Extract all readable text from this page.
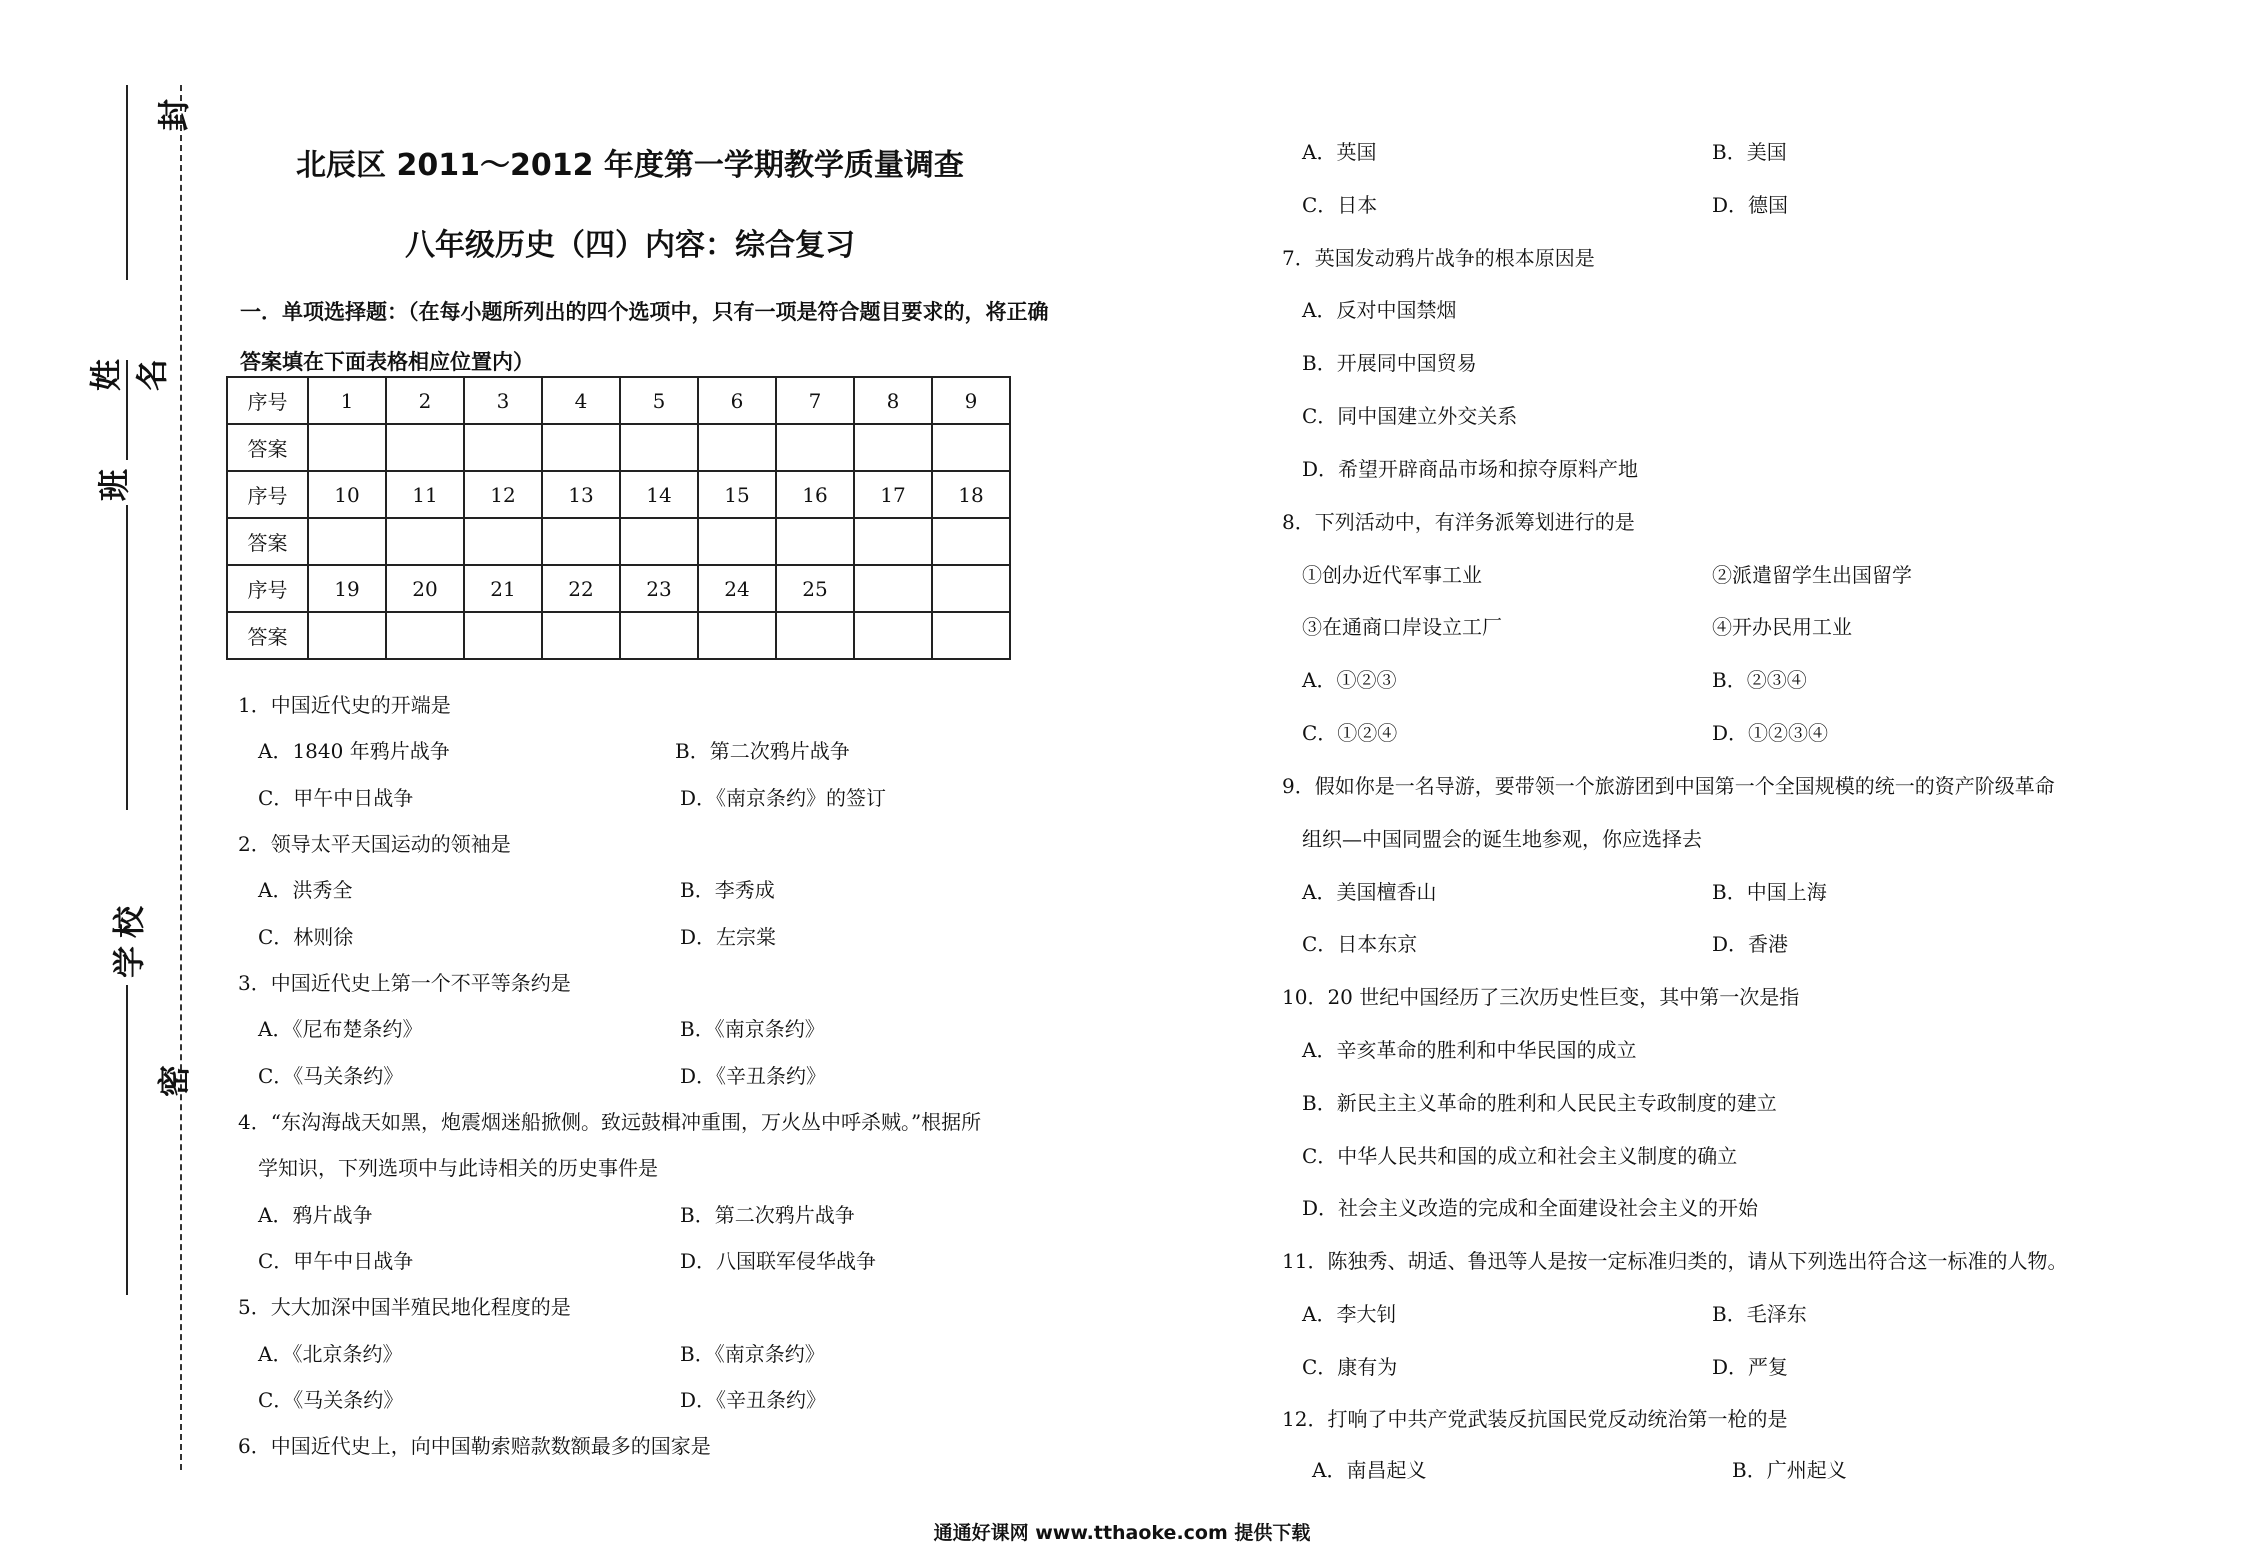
封
密
姓名
班
学校
北辰区 2011～2012 年度第一学期教学质量调查
八年级历史（四）内容：综合复习
一．单项选择题：（在每小题所列出的四个选项中，只有一项是符合题目要求的，将正确
答案填在下面表格相应位置内）
序号	1	2	3	4	5	6	7	8	9
答案									
序号	10	11	12	13	14	15	16	17	18
答案									
序号	19	20	21	22	23	24	25		
答案									
1．中国近代史的开端是
A．1840 年鸦片战争	B．第二次鸦片战争
C．甲午中日战争	D．《南京条约》的签订
2．领导太平天国运动的领袖是
A．洪秀全	B．李秀成
C．林则徐	D．左宗棠
3．中国近代史上第一个不平等条约是
A．《尼布楚条约》	B．《南京条约》
C．《马关条约》	D．《辛丑条约》
4．“东沟海战天如黑，炮震烟迷船掀侧。致远鼓楫冲重围，万火丛中呼杀贼。”根据所
学知识，下列选项中与此诗相关的历史事件是
A．鸦片战争	B．第二次鸦片战争
C．甲午中日战争	D．八国联军侵华战争
5．大大加深中国半殖民地化程度的是
A．《北京条约》	B．《南京条约》
C．《马关条约》	D．《辛丑条约》
6．中国近代史上，向中国勒索赔款数额最多的国家是
A．英国	B．美国
C．日本	D．德国
7．英国发动鸦片战争的根本原因是
A．反对中国禁烟
B．开展同中国贸易
C．同中国建立外交关系
D．希望开辟商品市场和掠夺原料产地
8．下列活动中，有洋务派筹划进行的是
①创办近代军事工业	②派遣留学生出国留学
③在通商口岸设立工厂	④开办民用工业
A．①②③	B．②③④
C．①②④	D．①②③④
9．假如你是一名导游，要带领一个旅游团到中国第一个全国规模的统一的资产阶级革命
组织—中国同盟会的诞生地参观，你应选择去
A．美国檀香山	B．中国上海
C．日本东京	D．香港
10．20 世纪中国经历了三次历史性巨变，其中第一次是指
A．辛亥革命的胜利和中华民国的成立
B．新民主主义革命的胜利和人民民主专政制度的建立
C．中华人民共和国的成立和社会主义制度的确立
D．社会主义改造的完成和全面建设社会主义的开始
11．陈独秀、胡适、鲁迅等人是按一定标准归类的，请从下列选出符合这一标准的人物。
A．李大钊	B．毛泽东
C．康有为	D．严复
12．打响了中共产党武装反抗国民党反动统治第一枪的是
A．南昌起义	B．广州起义
通通好课网 www.tthaoke.com 提供下载
